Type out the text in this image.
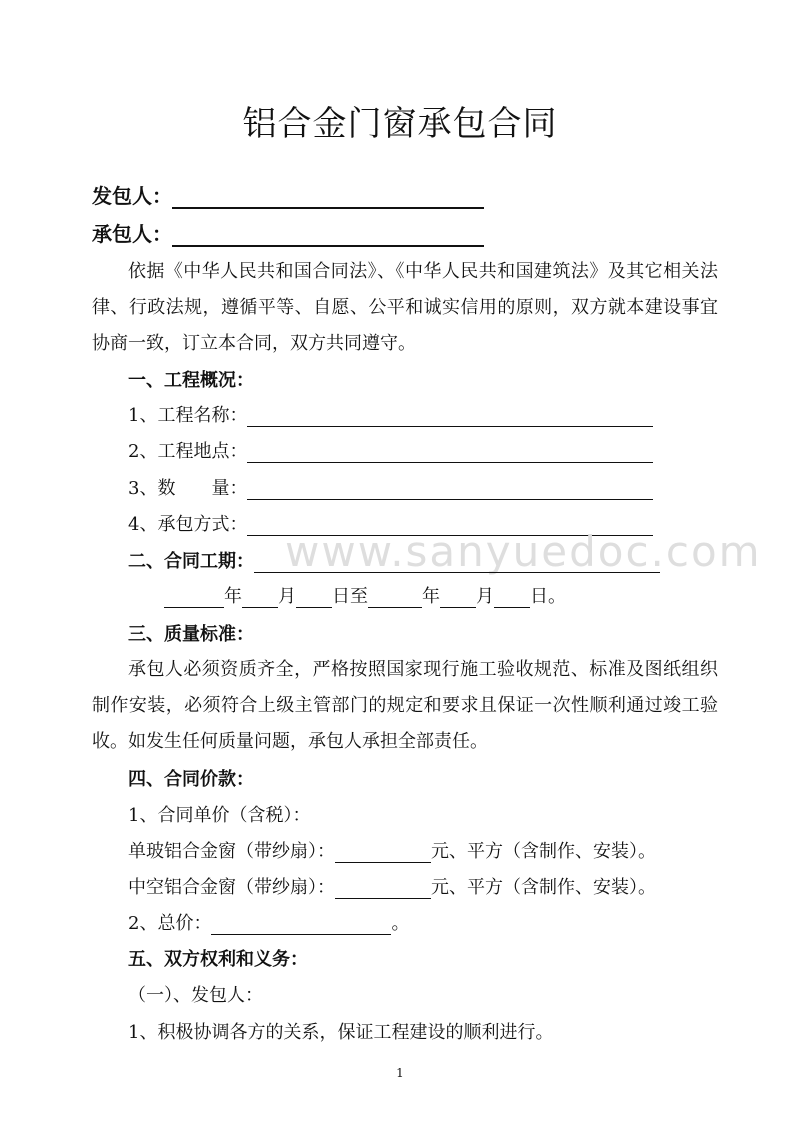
铝合金门窗承包合同
发包人：
承包人：
依据《中华人民共和国合同法》、《中华人民共和国建筑法》及其它相关法律、行政法规，遵循平等、自愿、公平和诚实信用的原则，双方就本建设事宜协商一致，订立本合同，双方共同遵守。
一、工程概况：
1、工程名称：
2、工程地点：
3、数　　量：
4、承包方式：
www.sanyuedoc.com
二、合同工期：
年 月 日至	年 月 日。
三、质量标准：
承包人必须资质齐全，严格按照国家现行施工验收规范、标准及图纸组织制作安装，必须符合上级主管部门的规定和要求且保证一次性顺利通过竣工验收。如发生任何质量问题，承包人承担全部责任。
四、合同价款：
1、合同单价（含税）：
单玻铝合金窗（带纱扇）：	元、平方（含制作、安装）。
中空铝合金窗（带纱扇）：	元、平方（含制作、安装）。
2、总价：	。
五、双方权利和义务：
（一）、发包人：
1、积极协调各方的关系，保证工程建设的顺利进行。
1
